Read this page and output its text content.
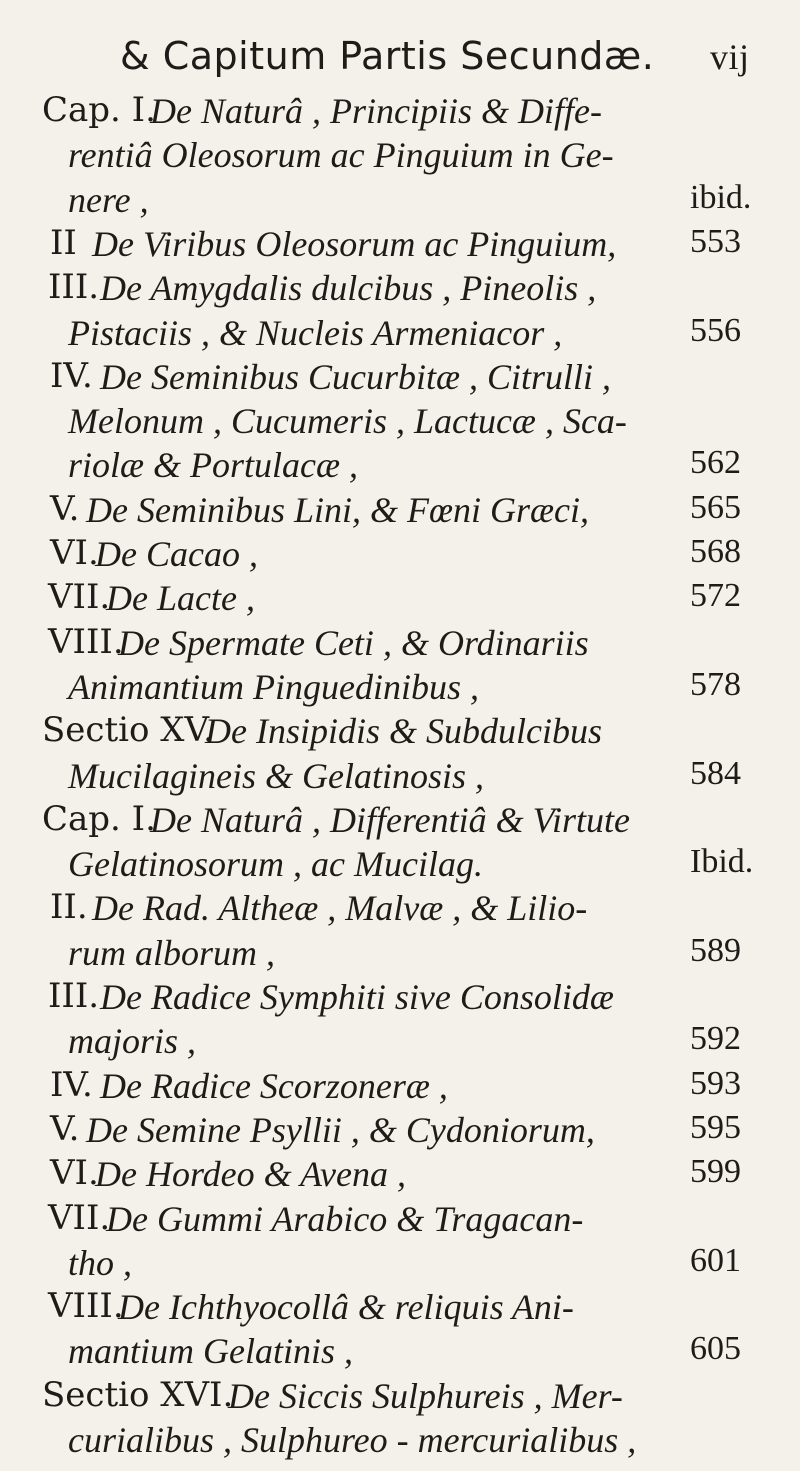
& Capitum Partis Secundæ. vij
Cap. I.
De Naturâ , Principiis & Diffe-
rentiâ Oleosorum ac Pinguium in Ge-
nere ,	ibid.
II De Viribus Oleosorum ac Pinguium, 553
III. De Amygdalis dulcibus , Pineolis ,
Pistaciis , & Nucleis Armeniacor ,	556
IV. De Seminibus Cucurbitæ , Citrulli ,
Melonum , Cucumeris , Lactucæ , Sca-
riolæ & Portulacæ ,	562
V. De Seminibus Lini, & Fœni Græci,	565
VI.
De Cacao ,	568
VII.
De Lacte ,	572
VIII.
De Spermate Ceti , & Ordinariis
Animantium Pinguedinibus ,	578
Sectio XV.
De Insipidis & Subdulcibus
Mucilagineis & Gelatinosis ,	584
Cap. I.
De Naturâ , Differentiâ & Virtute
Gelatinosorum , ac Mucilag.	Ibid.
II. De Rad. Altheæ , Malvæ , & Lilio-
rum alborum ,	589
III. De Radice Symphiti sive Consolidæ
majoris ,	592
IV. De Radice Scorzoneræ ,	593
V. De Semine Psyllii , & Cydoniorum,	595
VI.
De Hordeo & Avena ,	599
VII.
De Gummi Arabico & Tragacan-
tho ,	601
VIII.
De Ichthyocollâ & reliquis Ani-
mantium Gelatinis ,	605
Sectio XVI.
De Siccis Sulphureis , Mer-
curialibus , Sulphureo - mercurialibus ,
